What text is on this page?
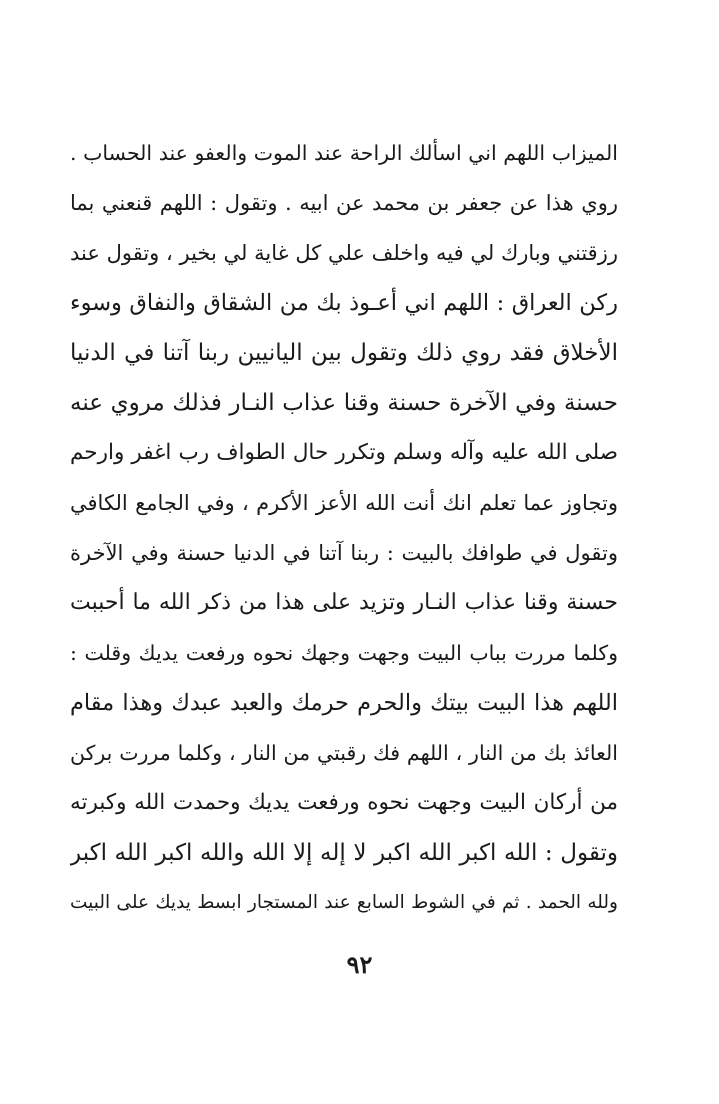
الميزاب اللهم اني اسألك الراحة عند الموت والعفو عند الحساب .
روي هذا عن جعفر بن محمد عن ابيه . وتقول : اللهم قنعني بما
رزقتني وبارك لي فيه واخلف علي كل غاية لي بخير ، وتقول عند
ركن العراق : اللهم اني أعـوذ بك من الشقاق والنفاق وسوء
الأخلاق فقد روي ذلك وتقول بين اليانيين ربنا آتنا في الدنيا
حسنة وفي الآخرة حسنة وقنا عذاب النـار فذلك مروي عنه
صلى الله عليه وآله وسلم وتكرر حال الطواف رب اغفر وارحم
وتجاوز عما تعلم انك أنت الله الأعز الأكرم ، وفي الجامع الكافي
وتقول في طوافك بالبيت : ربنا آتنا في الدنيا حسنة وفي الآخرة
حسنة وقنا عذاب النـار وتزيد على هذا من ذكر الله ما أحببت
وكلما مررت بباب البيت وجهت وجهك نحوه ورفعت يديك وقلت :
اللهم هذا البيت بيتك والحرم حرمك والعبد عبدك وهذا مقام
العائذ بك من النار ، اللهم فك رقبتي من النار ، وكلما مررت بركن
من أركان البيت وجهت نحوه ورفعت يديك وحمدت الله وكبرته
وتقول : الله اكبر الله اكبر لا إله إلا الله والله اكبر الله اكبر
ولله الحمد . ثم في الشوط السابع عند المستجار ابسط يديك على البيت
٩٢
